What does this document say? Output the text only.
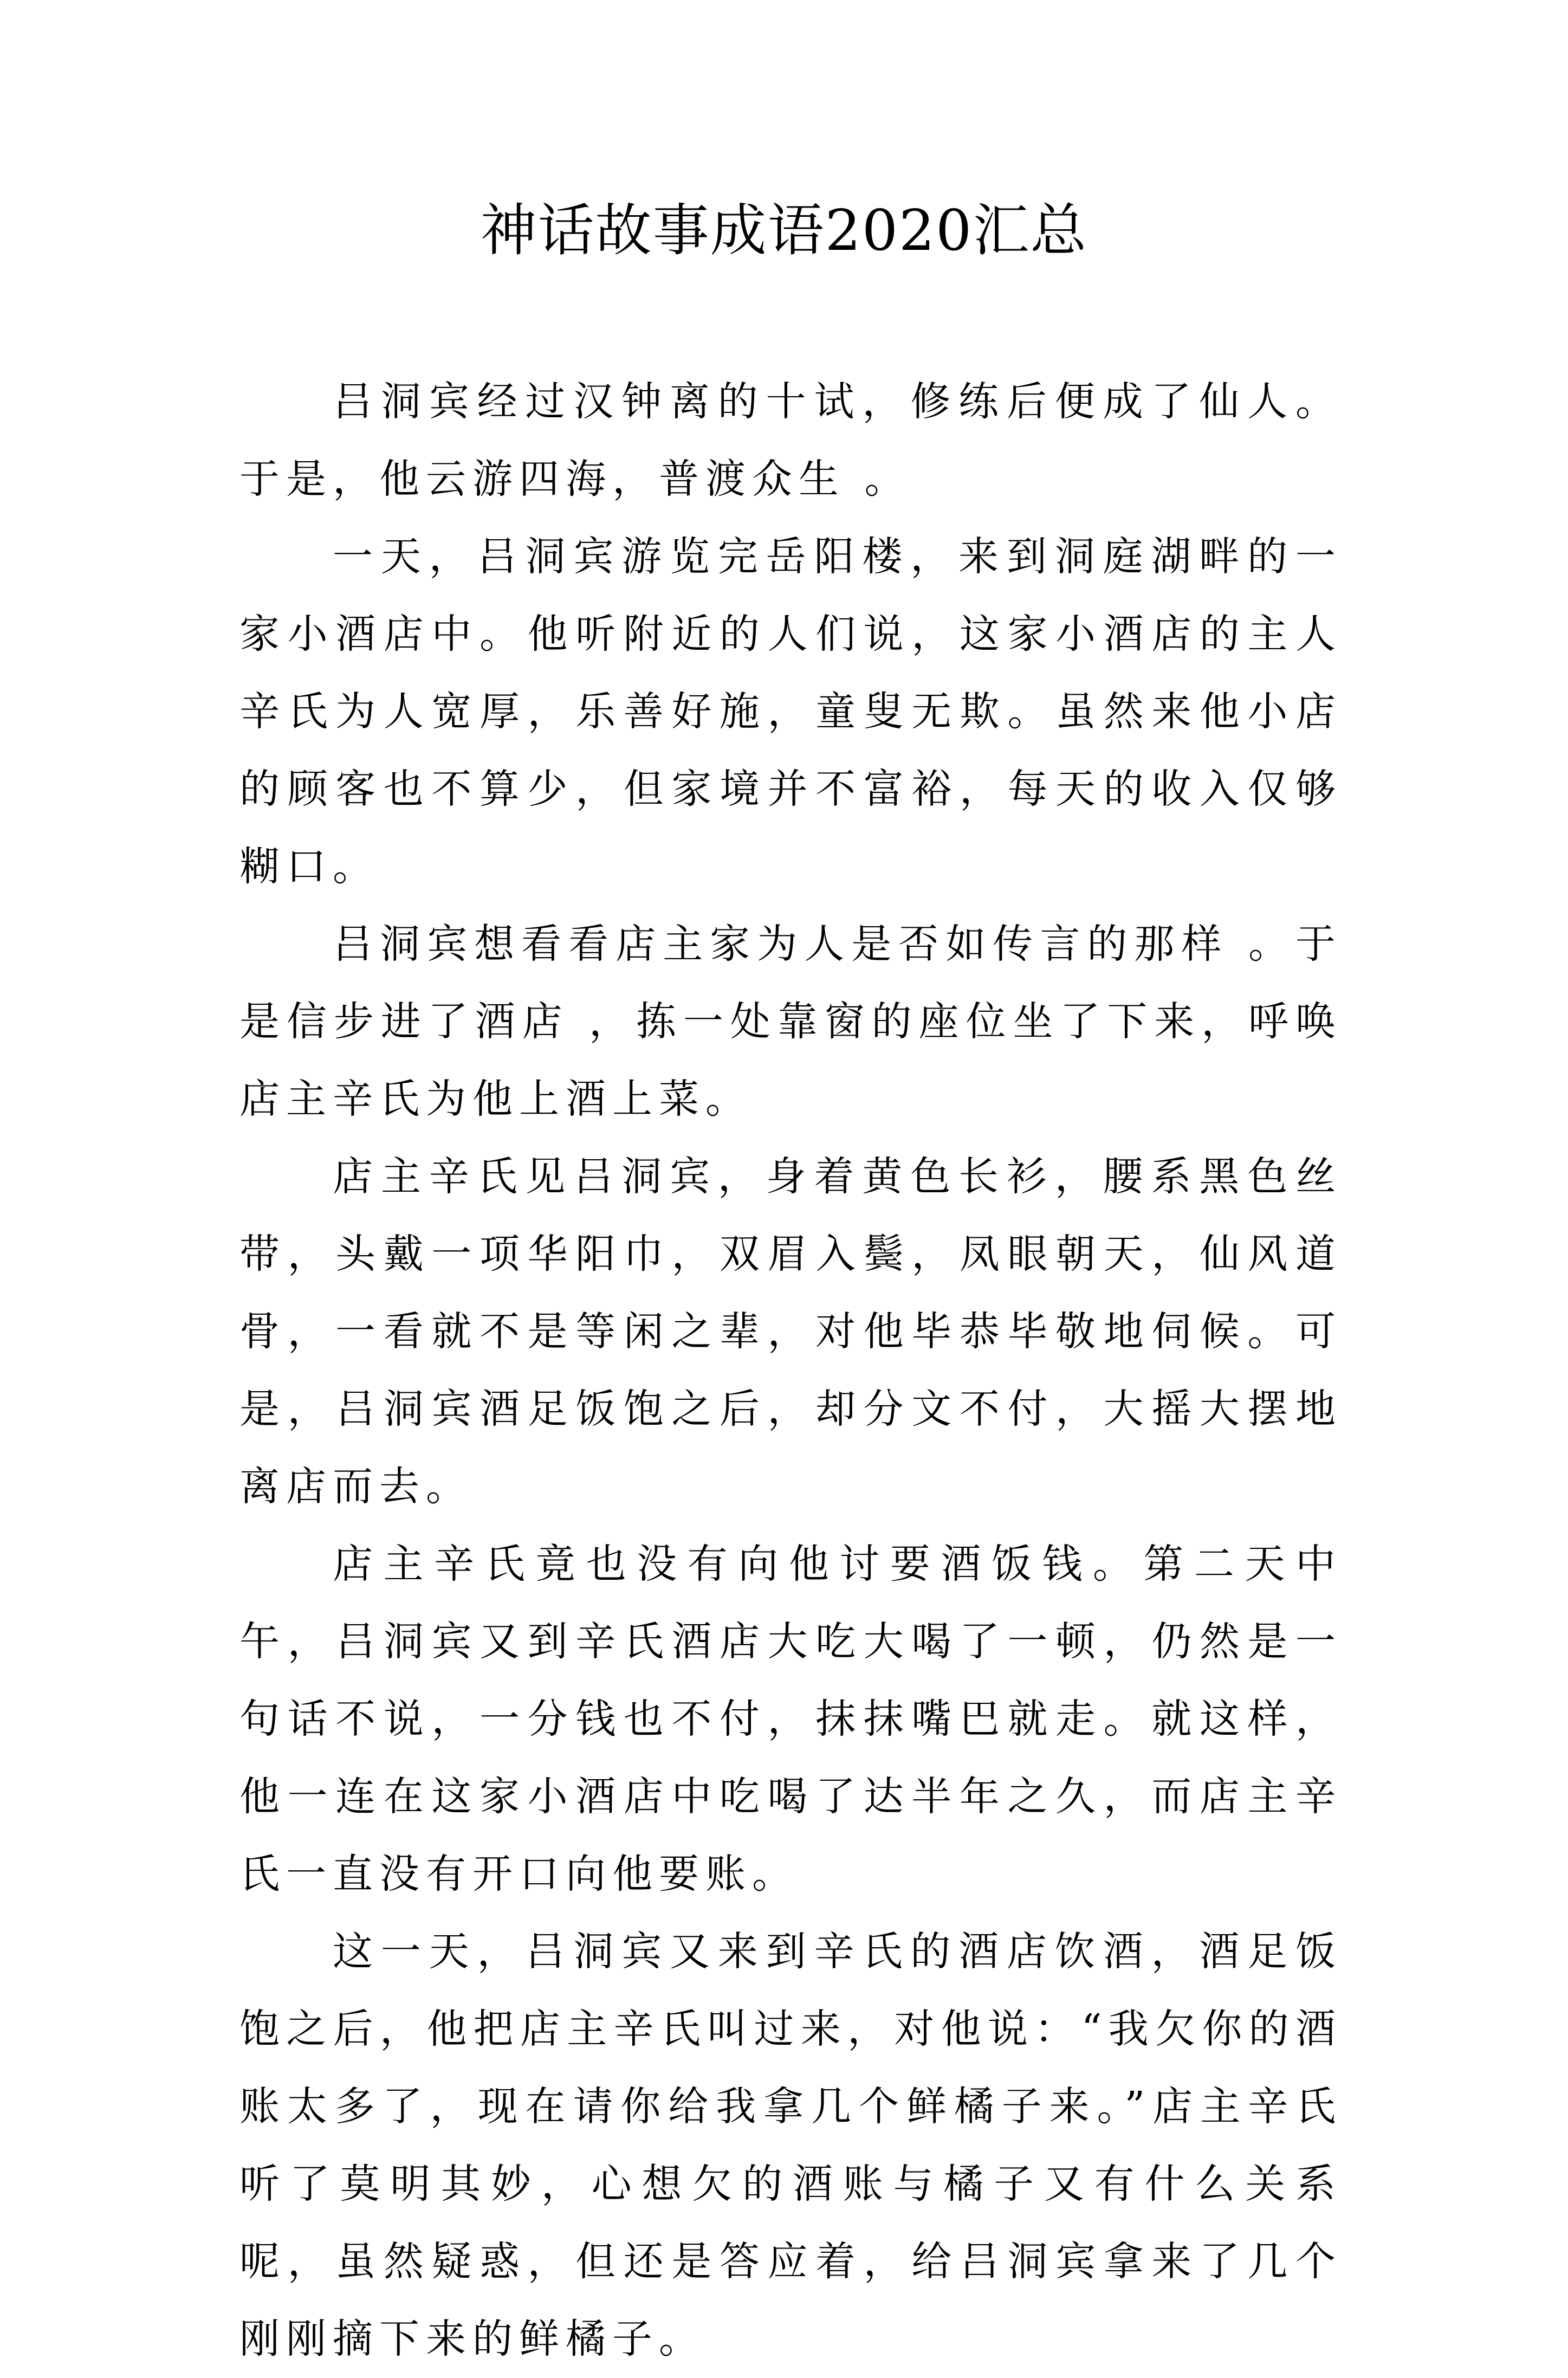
神话故事成语2020汇总

吕洞宾经过汉钟离的十试，修练后便成了仙人。于是，他云游四海，普渡众生 。

一天，吕洞宾游览完岳阳楼，来到洞庭湖畔的一家小酒店中。他听附近的人们说，这家小酒店的主人辛氏为人宽厚，乐善好施，童叟无欺。虽然来他小店的顾客也不算少，但家境并不富裕，每天的收入仅够糊口。

吕洞宾想看看店主家为人是否如传言的那样 。于是信步进了酒店 ，拣一处靠窗的座位坐了下来，呼唤店主辛氏为他上酒上菜。

店主辛氏见吕洞宾，身着黄色长衫，腰系黑色丝带，头戴一项华阳巾，双眉入鬓，凤眼朝天，仙风道骨，一看就不是等闲之辈，对他毕恭毕敬地伺候。可是，吕洞宾酒足饭饱之后，却分文不付，大摇大摆地离店而去。

店主辛氏竟也没有向他讨要酒饭钱。第二天中午，吕洞宾又到辛氏酒店大吃大喝了一顿，仍然是一句话不说，一分钱也不付，抹抹嘴巴就走。就这样，他一连在这家小酒店中吃喝了达半年之久，而店主辛氏一直没有开口向他要账。

这一天，吕洞宾又来到辛氏的酒店饮酒，酒足饭饱之后，他把店主辛氏叫过来，对他说：“我欠你的酒账太多了，现在请你给我拿几个鲜橘子来。”店主辛氏听了莫明其妙，心想欠的酒账与橘子又有什么关系呢，虽然疑惑，但还是答应着，给吕洞宾拿来了几个刚刚摘下来的鲜橘子。
